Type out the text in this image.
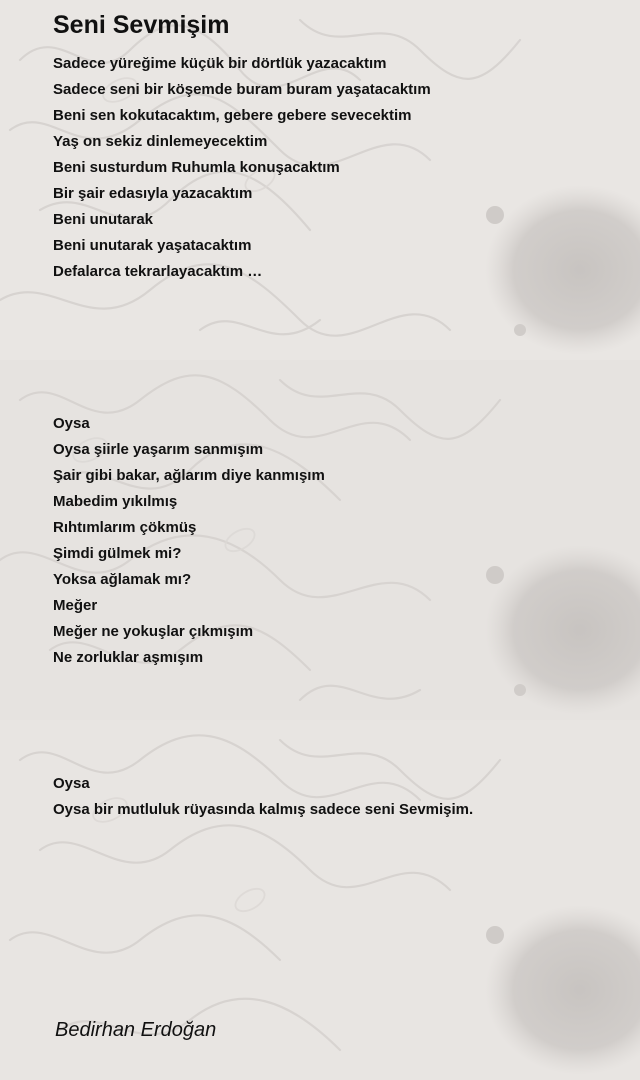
Seni Sevmişim
Sadece yüreğime küçük bir dörtlük yazacaktım
Sadece seni bir köşemde buram buram yaşatacaktım
Beni sen kokutacaktım, gebere gebere sevecektim
Yaş on sekiz dinlemeyecektim
Beni susturdum Ruhumla konuşacaktım
Bir şair edasıyla yazacaktım
Beni unutarak
Beni unutarak yaşatacaktım
Defalarca tekrarlayacaktım …
Oysa
Oysa şiirle yaşarım sanmışım
Şair gibi bakar, ağlarım diye kanmışım
Mabedim yıkılmış
Rıhtımlarım çökmüş
Şimdi gülmek mi?
Yoksa ağlamak mı?
Meğer
Meğer ne yokuşlar çıkmışım
Ne zorluklar aşmışım
Oysa
Oysa bir mutluluk rüyasında kalmış sadece seni Sevmişim.
Bedirhan Erdoğan
